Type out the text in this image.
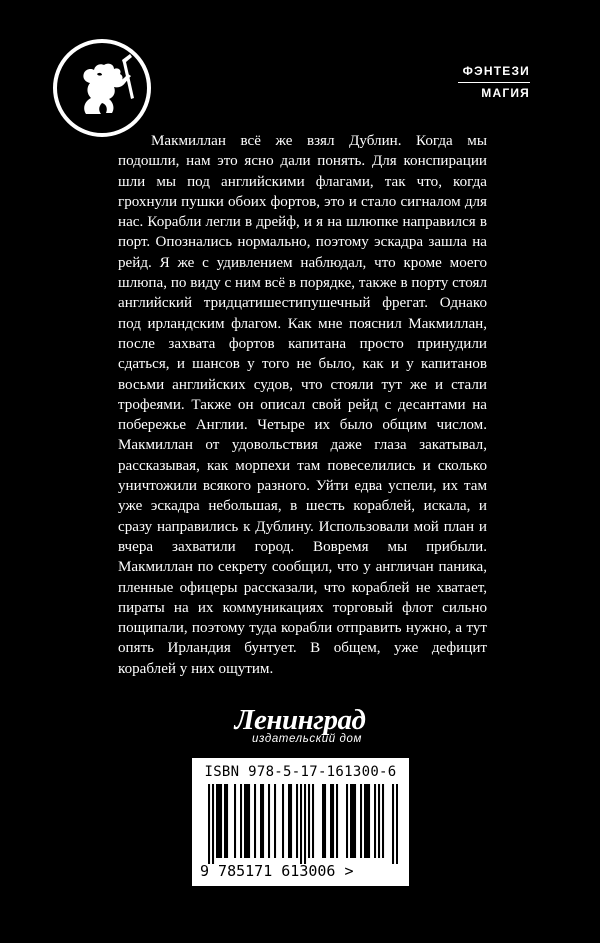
ФЭНТЕЗИ
МАГИЯ

Макмиллан всё же взял Дублин. Когда мы подошли, нам это ясно дали понять. Для конспирации шли мы под английскими флагами, так что, когда грохнули пушки обоих фортов, это и стало сигналом для нас. Корабли легли в дрейф, и я на шлюпке направился в порт. Опознались нормально, поэтому эскадра зашла на рейд. Я же с удивлением наблюдал, что кроме моего шлюпа, по виду с ним всё в порядке, также в порту стоял английский тридцатишестипушечный фрегат. Однако под ирландским флагом. Как мне пояснил Макмиллан, после захвата фортов капитана просто принудили сдаться, и шансов у того не было, как и у капитанов восьми английских судов, что стояли тут же и стали трофеями. Также он описал свой рейд с десантами на побережье Англии. Четыре их было общим числом. Макмиллан от удовольствия даже глаза закатывал, рассказывая, как морпехи там повеселились и сколько уничтожили всякого разного. Уйти едва успели, их там уже эскадра небольшая, в шесть кораблей, искала, и сразу направились к Дублину. Использовали мой план и вчера захватили город. Вовремя мы прибыли. Макмиллан по секрету сообщил, что у англичан паника, пленные офицеры рассказали, что кораблей не хватает, пираты на их коммуникациях торговый флот сильно пощипали, поэтому туда корабли отправить нужно, а тут опять Ирландия бунтует. В общем, уже дефицит кораблей у них ощутим.

Ленинград
издательский дом
ISBN 978-5-17-161300-6
9 785171 613006 >
